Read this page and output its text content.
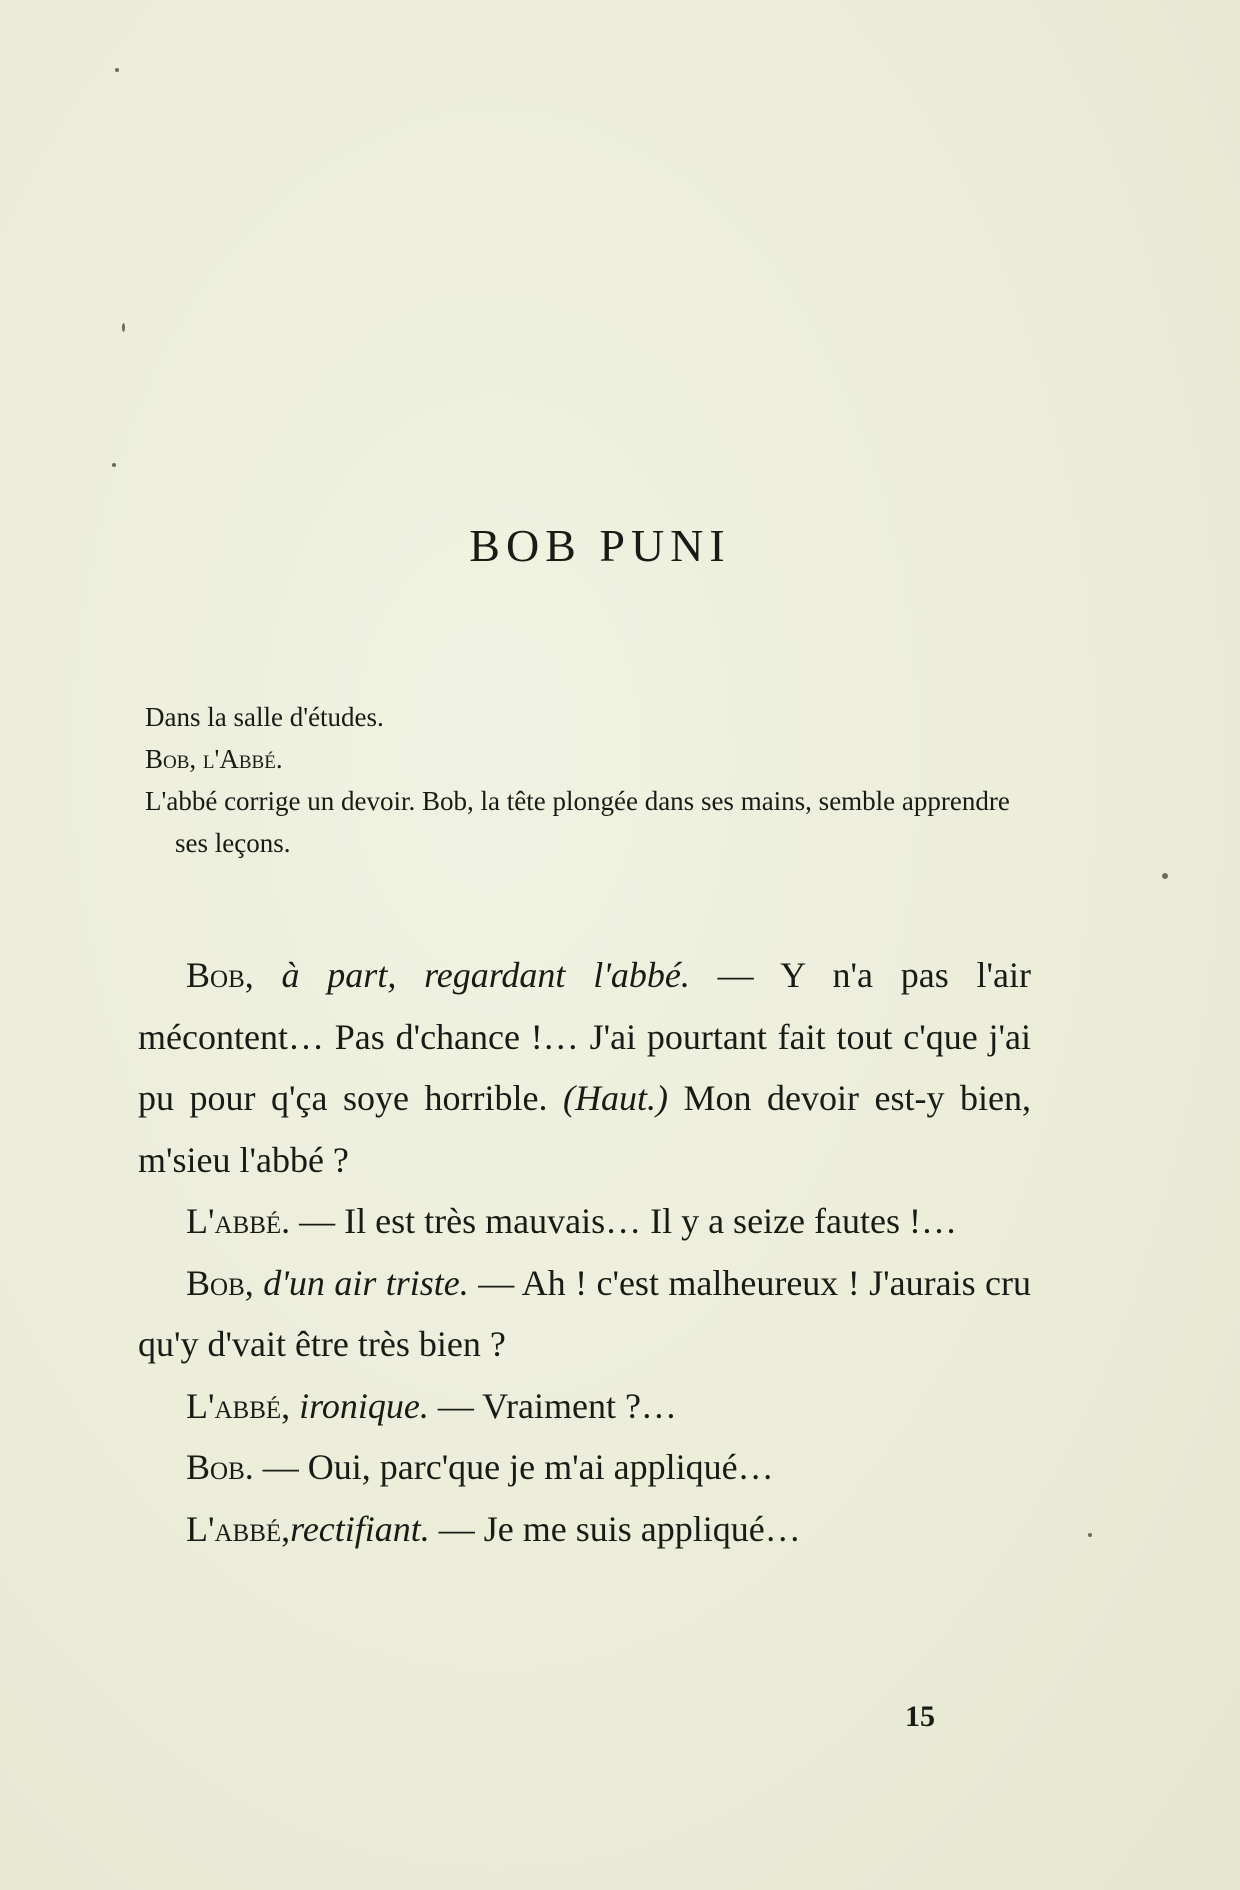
BOB PUNI

Dans la salle d'études.

Bob, l'Abbé.

L'abbé corrige un devoir. Bob, la tête plongée dans ses mains, semble apprendre ses leçons.

Bob, à part, regardant l'abbé. — Y n'a pas l'air mécontent… Pas d'chance !… J'ai pourtant fait tout c'que j'ai pu pour q'ça soye horrible. (Haut.) Mon devoir est-y bien, m'sieu l'abbé ?

L'abbé. — Il est très mauvais… Il y a seize fautes !…

Bob, d'un air triste. — Ah ! c'est malheureux ! J'aurais cru qu'y d'vait être très bien ?

L'abbé, ironique. — Vraiment ?…

Bob. — Oui, parc'que je m'ai appliqué…

L'abbé,rectifiant. — Je me suis appliqué…

15
